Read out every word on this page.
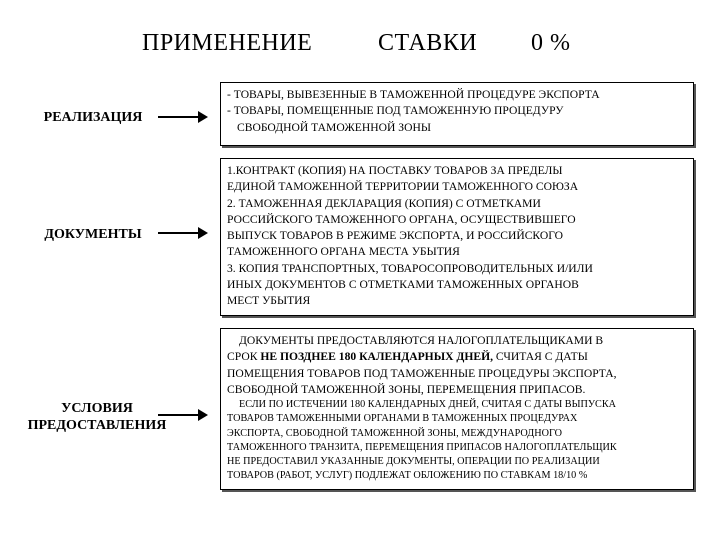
ПРИМЕНЕНИЕ	СТАВКИ 0 %
РЕАЛИЗАЦИЯ

- ТОВАРЫ, ВЫВЕЗЕННЫЕ В ТАМОЖЕННОЙ ПРОЦЕДУРЕ ЭКСПОРТА

- ТОВАРЫ, ПОМЕЩЕННЫЕ ПОД ТАМОЖЕННУЮ ПРОЦЕДУРУ

СВОБОДНОЙ ТАМОЖЕННОЙ ЗОНЫ

ДОКУМЕНТЫ

1.КОНТРАКТ (КОПИЯ) НА ПОСТАВКУ ТОВАРОВ ЗА ПРЕДЕЛЫ

ЕДИНОЙ ТАМОЖЕННОЙ ТЕРРИТОРИИ ТАМОЖЕННОГО СОЮЗА

2. ТАМОЖЕННАЯ ДЕКЛАРАЦИЯ (КОПИЯ) С ОТМЕТКАМИ

РОССИЙСКОГО ТАМОЖЕННОГО ОРГАНА, ОСУЩЕСТВИВШЕГО

ВЫПУСК ТОВАРОВ В РЕЖИМЕ ЭКСПОРТА, И РОССИЙСКОГО

ТАМОЖЕННОГО ОРГАНА МЕСТА УБЫТИЯ

3. КОПИЯ ТРАНСПОРТНЫХ, ТОВАРОСОПРОВОДИТЕЛЬНЫХ И/ИЛИ

ИНЫХ ДОКУМЕНТОВ С ОТМЕТКАМИ ТАМОЖЕННЫХ ОРГАНОВ

МЕСТ УБЫТИЯ

УСЛОВИЯ
ПРЕДОСТАВЛЕНИЯ

ДОКУМЕНТЫ ПРЕДОСТАВЛЯЮТСЯ НАЛОГОПЛАТЕЛЬЩИКАМИ В

СРОК НЕ ПОЗДНЕЕ 180 КАЛЕНДАРНЫХ ДНЕЙ, СЧИТАЯ С ДАТЫ

ПОМЕЩЕНИЯ ТОВАРОВ ПОД ТАМОЖЕННЫЕ ПРОЦЕДУРЫ ЭКСПОРТА,

СВОБОДНОЙ ТАМОЖЕННОЙ ЗОНЫ, ПЕРЕМЕЩЕНИЯ ПРИПАСОВ.

ЕСЛИ ПО ИСТЕЧЕНИИ 180 КАЛЕНДАРНЫХ ДНЕЙ, СЧИТАЯ С ДАТЫ ВЫПУСКА

ТОВАРОВ ТАМОЖЕННЫМИ ОРГАНАМИ В ТАМОЖЕННЫХ ПРОЦЕДУРАХ

ЭКСПОРТА, СВОБОДНОЙ ТАМОЖЕННОЙ ЗОНЫ, МЕЖДУНАРОДНОГО

ТАМОЖЕННОГО ТРАНЗИТА, ПЕРЕМЕЩЕНИЯ ПРИПАСОВ НАЛОГОПЛАТЕЛЬЩИК

НЕ ПРЕДОСТАВИЛ УКАЗАННЫЕ ДОКУМЕНТЫ, ОПЕРАЦИИ ПО РЕАЛИЗАЦИИ

ТОВАРОВ (РАБОТ, УСЛУГ) ПОДЛЕЖАТ ОБЛОЖЕНИЮ ПО СТАВКАМ 18/10 %
